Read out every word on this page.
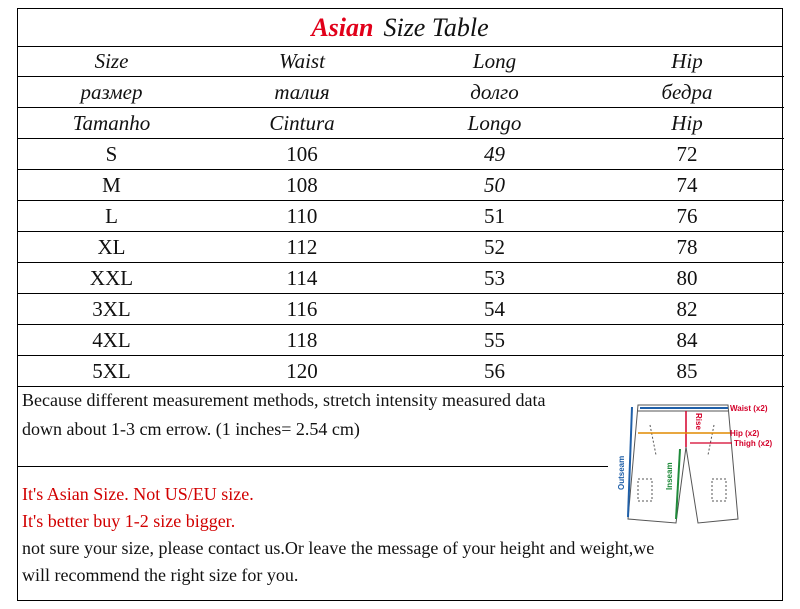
Asian Size Table
Size	Waist	Long	Hip
размер	талия	долго	бедра
Tamanho	Cintura	Longo	Hip
S	106	49	72
M	108	50	74
L	110	51	76
XL	112	52	78
XXL	114	53	80
3XL	116	54	82
4XL	118	55	84
5XL	120	56	85
Because different measurement methods, stretch intensity measured data
down about 1-3 cm errow. (1 inches= 2.54 cm)
It's Asian Size. Not US/EU size.
It's better buy 1-2 size bigger.
not sure your size, please contact us.Or leave the message of your height and weight,we
will recommend the right size for you.
Waist (x2)
Rise
Hip (x2)
Thigh (x2)
Outseam	Inseam
